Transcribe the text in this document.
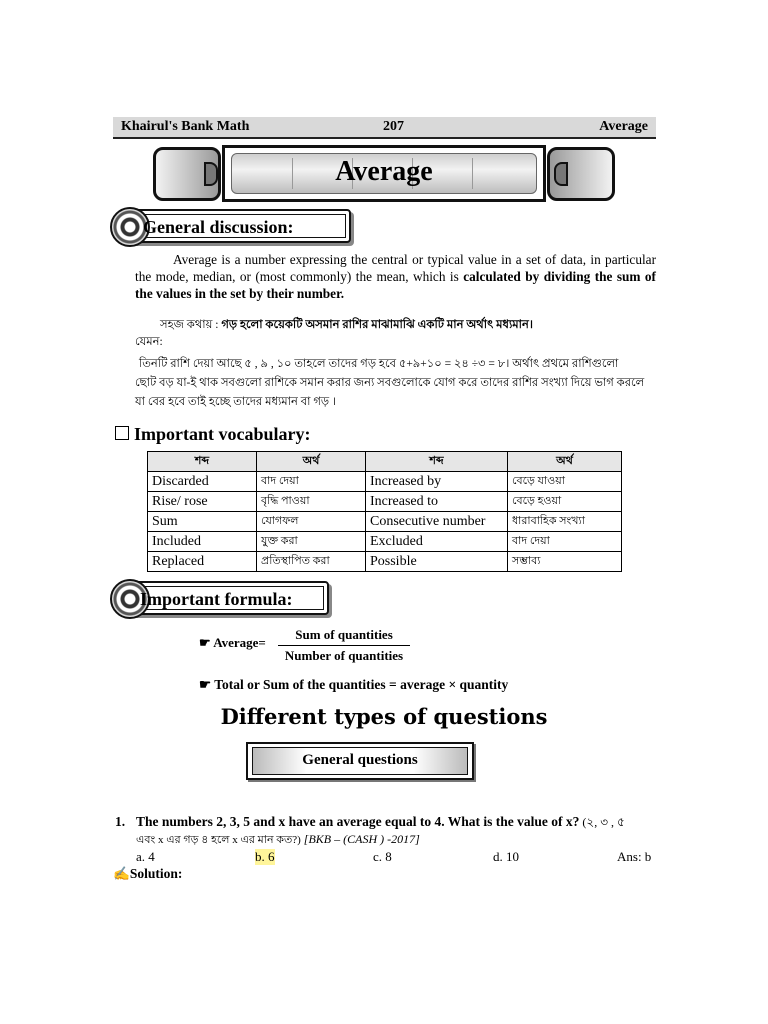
Khairul's Bank Math	207	Average
Average
General discussion:
Average is a number expressing the central or typical value in a set of data, in particular the mode, median, or (most commonly) the mean, which is calculated by dividing the sum of the values in the set by their number.
সহজ কথায় : গড় হলো কয়েকটি অসমান রাশির মাঝামাঝি একটি মান অর্থাৎ মধ্যমান।
যেমন:
তিনটি রাশি দেয়া আছে ৫ , ৯ , ১০ তাহলে তাদের গড় হবে ৫+৯+১০ = ২৪ ÷৩ = ৮। অর্থাৎ প্রথমে রাশিগুলো
ছোট বড় যা-ই থাক সবগুলো রাশিকে সমান করার জন্য সবগুলোকে যোগ করে তাদের রাশির সংখ্যা দিয়ে ভাগ করলে
যা বের হবে তাই হচ্ছে তাদের মধ্যমান বা গড় ।
Important vocabulary:
শব্দ	অর্থ	শব্দ	অর্থ
Discarded	বাদ দেয়া	Increased by	বেড়ে যাওয়া
Rise/ rose	বৃদ্ধি পাওয়া	Increased to	বেড়ে হওয়া
Sum	যোগফল	Consecutive number	ধারাবাহিক সংখ্যা
Included	যুক্ত করা	Excluded	বাদ দেয়া
Replaced	প্রতিস্থাপিত করা	Possible	সম্ভাব্য
Important formula:
☛ Average=
Sum of quantities
Number of quantities
☛ Total or Sum of the quantities = average × quantity
Different types of questions
General questions
1. The numbers 2, 3, 5 and x have an average equal to 4. What is the value of x? (২, ৩ , ৫
এবং x এর গড় ৪ হলে x এর মান কত?) [BKB – (CASH ) -2017]
a. 4	b. 6	c. 8	d. 10	Ans: b
✍Solution:
